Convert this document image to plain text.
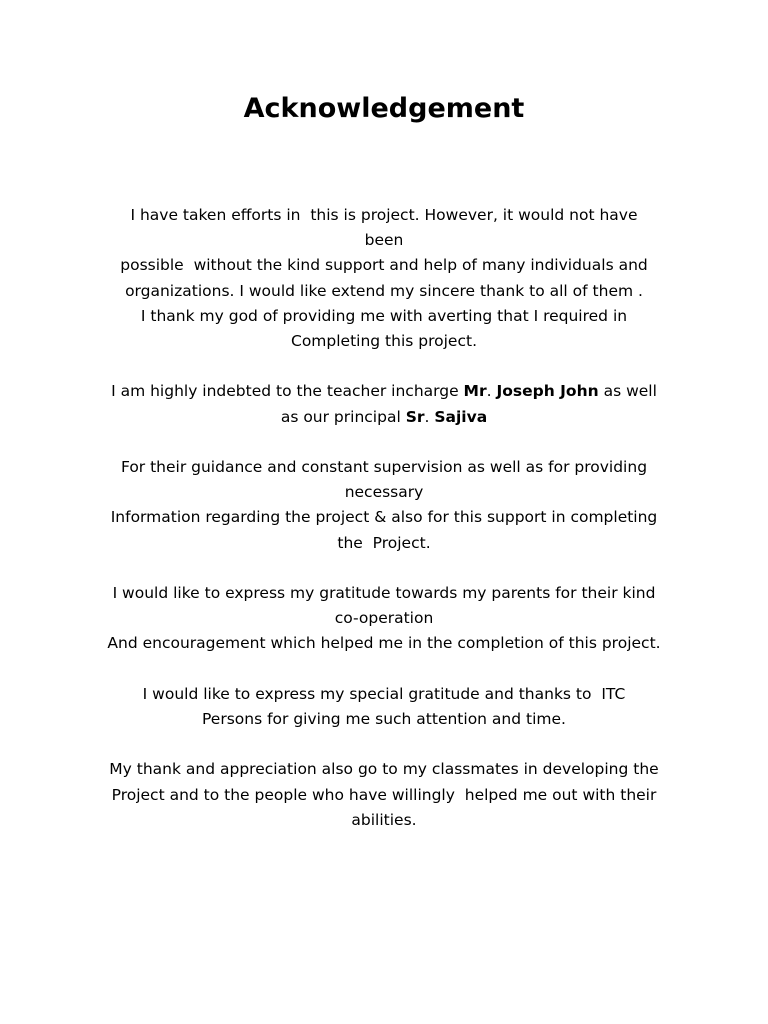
Acknowledgement
I have taken efforts in  this is project. However, it would not have
been
possible  without the kind support and help of many individuals and
organizations. I would like extend my sincere thank to all of them .
I thank my god of providing me with averting that I required in
Completing this project.
I am highly indebted to the teacher incharge Mr. Joseph John as well
as our principal Sr. Sajiva
For their guidance and constant supervision as well as for providing
necessary
Information regarding the project & also for this support in completing
the  Project.
I would like to express my gratitude towards my parents for their kind
co-operation
And encouragement which helped me in the completion of this project.
I would like to express my special gratitude and thanks to  ITC
Persons for giving me such attention and time.
My thank and appreciation also go to my classmates in developing the
Project and to the people who have willingly  helped me out with their
abilities.
